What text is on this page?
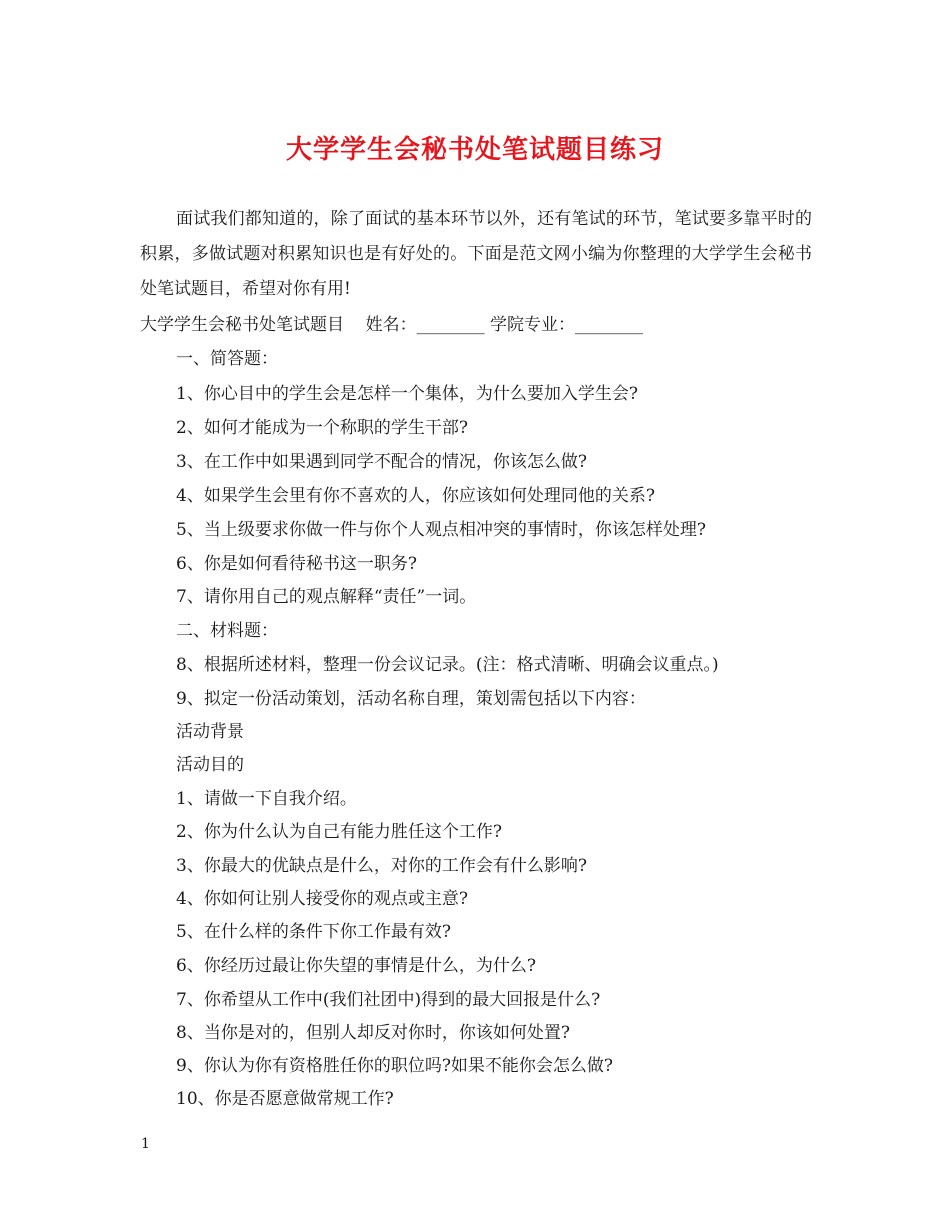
大学学生会秘书处笔试题目练习
面试我们都知道的，除了面试的基本环节以外，还有笔试的环节，笔试要多靠平时的积累，多做试题对积累知识也是有好处的。下面是范文网小编为你整理的大学学生会秘书处笔试题目，希望对你有用!
大学学生会秘书处笔试题目    姓名：________ 学院专业：________
一、简答题：
1、你心目中的学生会是怎样一个集体，为什么要加入学生会?
2、如何才能成为一个称职的学生干部?
3、在工作中如果遇到同学不配合的情况，你该怎么做?
4、如果学生会里有你不喜欢的人，你应该如何处理同他的关系?
5、当上级要求你做一件与你个人观点相冲突的事情时，你该怎样处理?
6、你是如何看待秘书这一职务?
7、请你用自己的观点解释“责任”一词。
二、材料题：
8、根据所述材料，整理一份会议记录。(注：格式清晰、明确会议重点。)
9、拟定一份活动策划，活动名称自理，策划需包括以下内容：
活动背景
活动目的
1、请做一下自我介绍。
2、你为什么认为自己有能力胜任这个工作?
3、你最大的优缺点是什么，对你的工作会有什么影响?
4、你如何让别人接受你的观点或主意?
5、在什么样的条件下你工作最有效?
6、你经历过最让你失望的事情是什么，为什么?
7、你希望从工作中(我们社团中)得到的最大回报是什么?
8、当你是对的，但别人却反对你时，你该如何处置?
9、你认为你有资格胜任你的职位吗?如果不能你会怎么做?
10、你是否愿意做常规工作?
1
